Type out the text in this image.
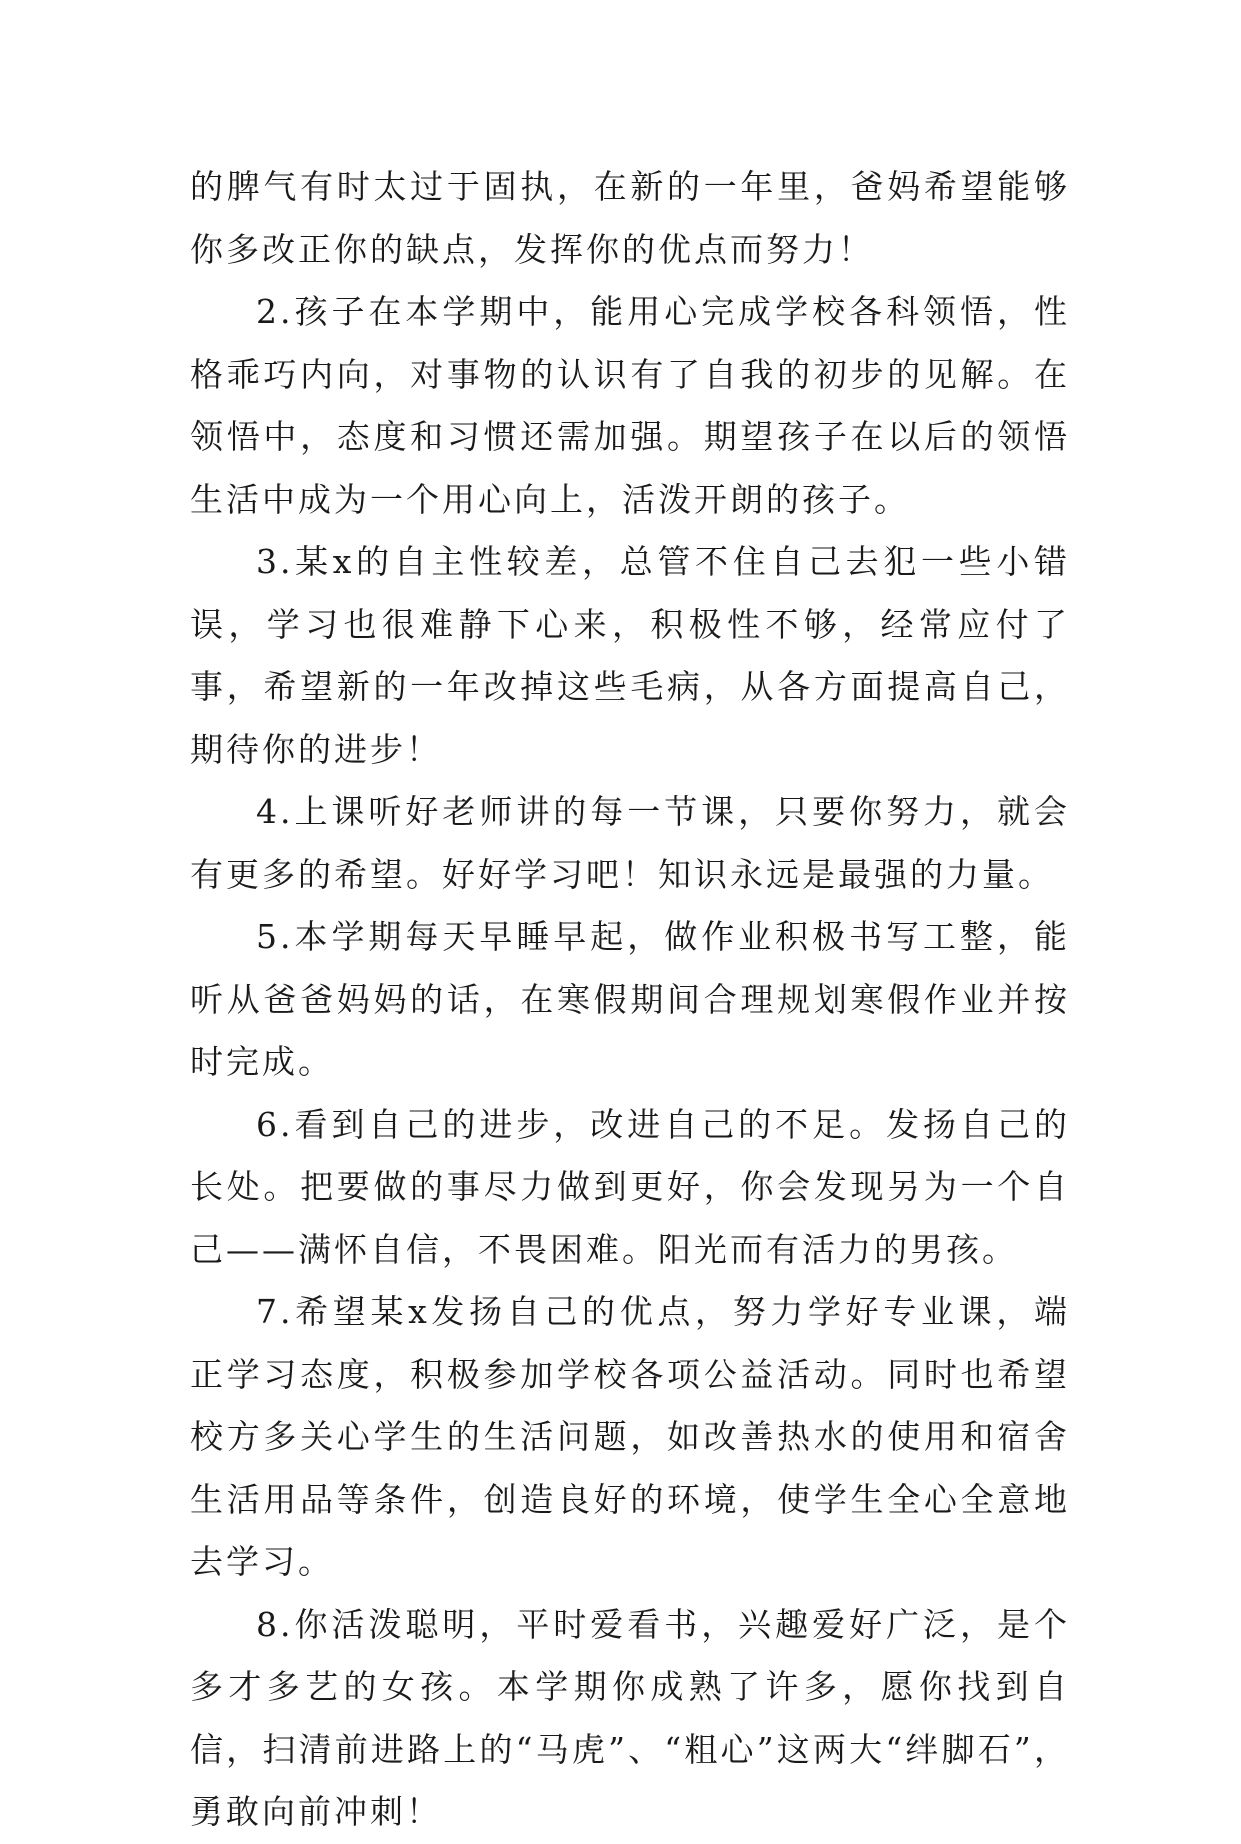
的脾气有时太过于固执，在新的一年里，爸妈希望能够你多改正你的缺点，发挥你的优点而努力！

2.孩子在本学期中，能用心完成学校各科领悟，性格乖巧内向，对事物的认识有了自我的初步的见解。在领悟中，态度和习惯还需加强。期望孩子在以后的领悟生活中成为一个用心向上，活泼开朗的孩子。

3.某x的自主性较差，总管不住自己去犯一些小错误，学习也很难静下心来，积极性不够，经常应付了事，希望新的一年改掉这些毛病，从各方面提高自己，期待你的进步！

4.上课听好老师讲的每一节课，只要你努力，就会有更多的希望。好好学习吧！知识永远是最强的力量。

5.本学期每天早睡早起，做作业积极书写工整，能听从爸爸妈妈的话，在寒假期间合理规划寒假作业并按时完成。

6.看到自己的进步，改进自己的不足。发扬自己的长处。把要做的事尽力做到更好，你会发现另为一个自己——满怀自信，不畏困难。阳光而有活力的男孩。

7.希望某x发扬自己的优点，努力学好专业课，端正学习态度，积极参加学校各项公益活动。同时也希望校方多关心学生的生活问题，如改善热水的使用和宿舍生活用品等条件，创造良好的环境，使学生全心全意地去学习。

8.你活泼聪明，平时爱看书，兴趣爱好广泛，是个多才多艺的女孩。本学期你成熟了许多，愿你找到自信，扫清前进路上的“马虎”、“粗心”这两大“绊脚石”，勇敢向前冲刺！
